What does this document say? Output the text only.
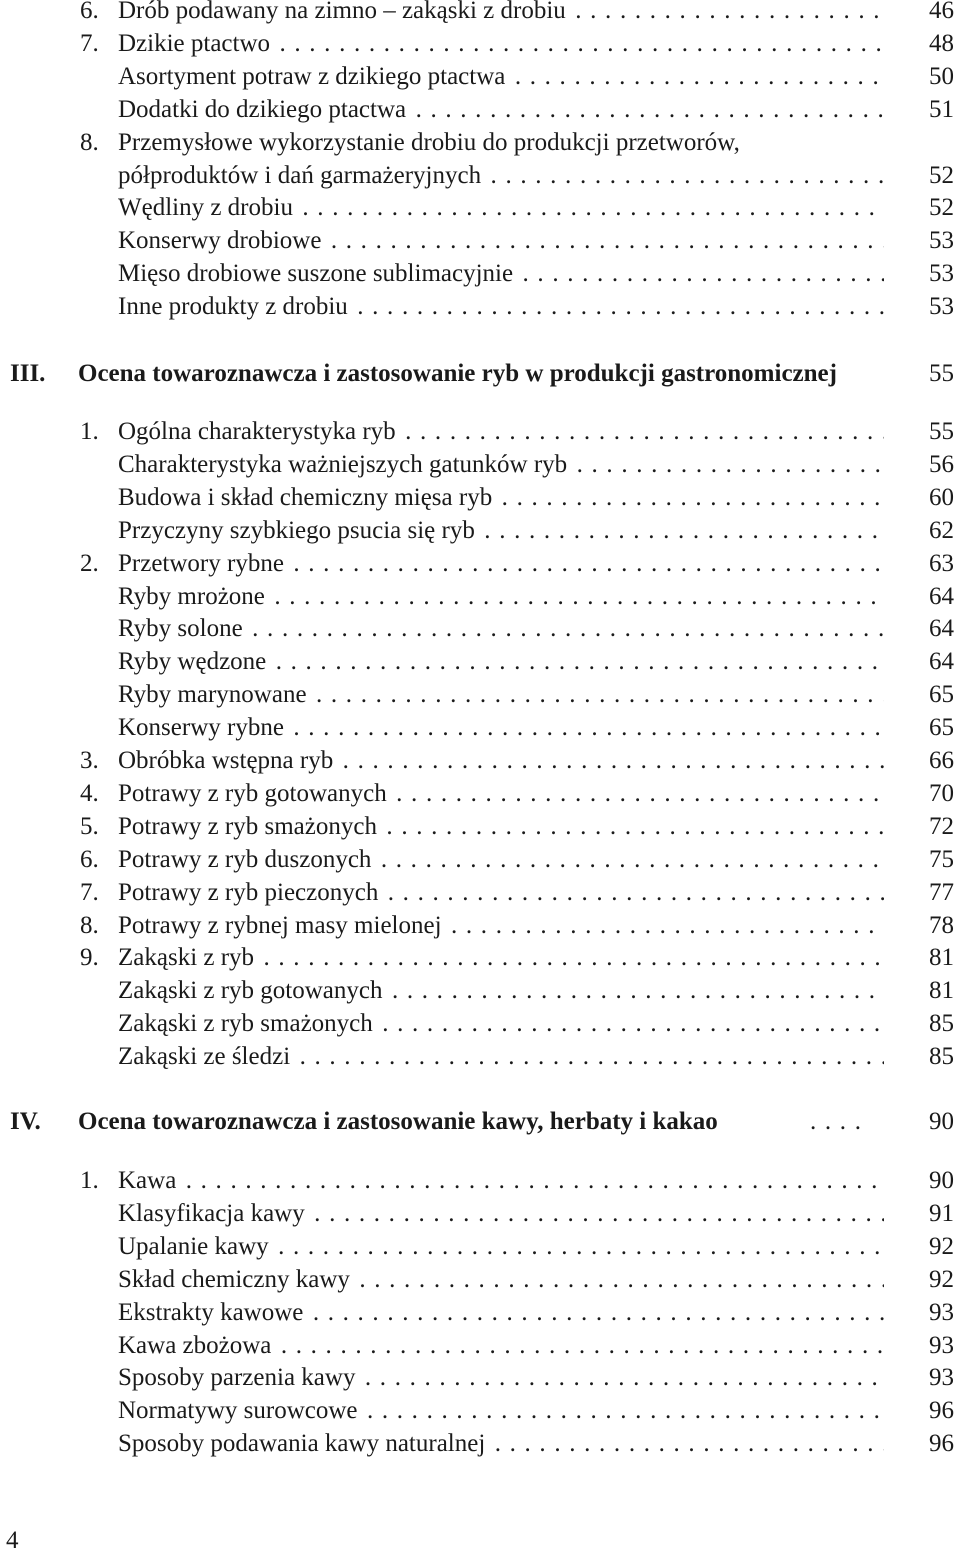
6. Drób podawany na zimno – zakąski z drobiu . . .	46
7. Dzikie ptactwo . . .	48
Asortyment potraw z dzikiego ptactwa . . .	50
Dodatki do dzikiego ptactwa . . .	51
8. Przemysłowe wykorzystanie drobiu do produkcji przetworów,
półproduktów i dań garmażeryjnych . . .	52
Wędliny z drobiu . . .	52
Konserwy drobiowe . . .	53
Mięso drobiowe suszone sublimacyjnie . . .	53
Inne produkty z drobiu . . .	53
III. Ocena towaroznawcza i zastosowanie ryb w produkcji gastronomicznej	55
1. Ogólna charakterystyka ryb . . .	55
Charakterystyka ważniejszych gatunków ryb . . .	56
Budowa i skład chemiczny mięsa ryb . . .	60
Przyczyny szybkiego psucia się ryb . . .	62
2. Przetwory rybne . . .	63
Ryby mrożone . . .	64
Ryby solone . . .	64
Ryby wędzone . . .	64
Ryby marynowane . . .	65
Konserwy rybne . . .	65
3. Obróbka wstępna ryb . . .	66
4. Potrawy z ryb gotowanych . . .	70
5. Potrawy z ryb smażonych . . .	72
6. Potrawy z ryb duszonych . . .	75
7. Potrawy z ryb pieczonych . . .	77
8. Potrawy z rybnej masy mielonej . . .	78
9. Zakąski z ryb . . .	81
Zakąski z ryb gotowanych . . .	81
Zakąski z ryb smażonych . . .	85
Zakąski ze śledzi . . .	85
IV. Ocena towaroznawcza i zastosowanie kawy, herbaty i kakao	. . . .	90
1. Kawa . . .	90
Klasyfikacja kawy . . .	91
Upalanie kawy . . .	92
Skład chemiczny kawy . . .	92
Ekstrakty kawowe . . .	93
Kawa zbożowa . . .	93
Sposoby parzenia kawy . . .	93
Normatywy surowcowe . . .	96
Sposoby podawania kawy naturalnej . . .	96
4
